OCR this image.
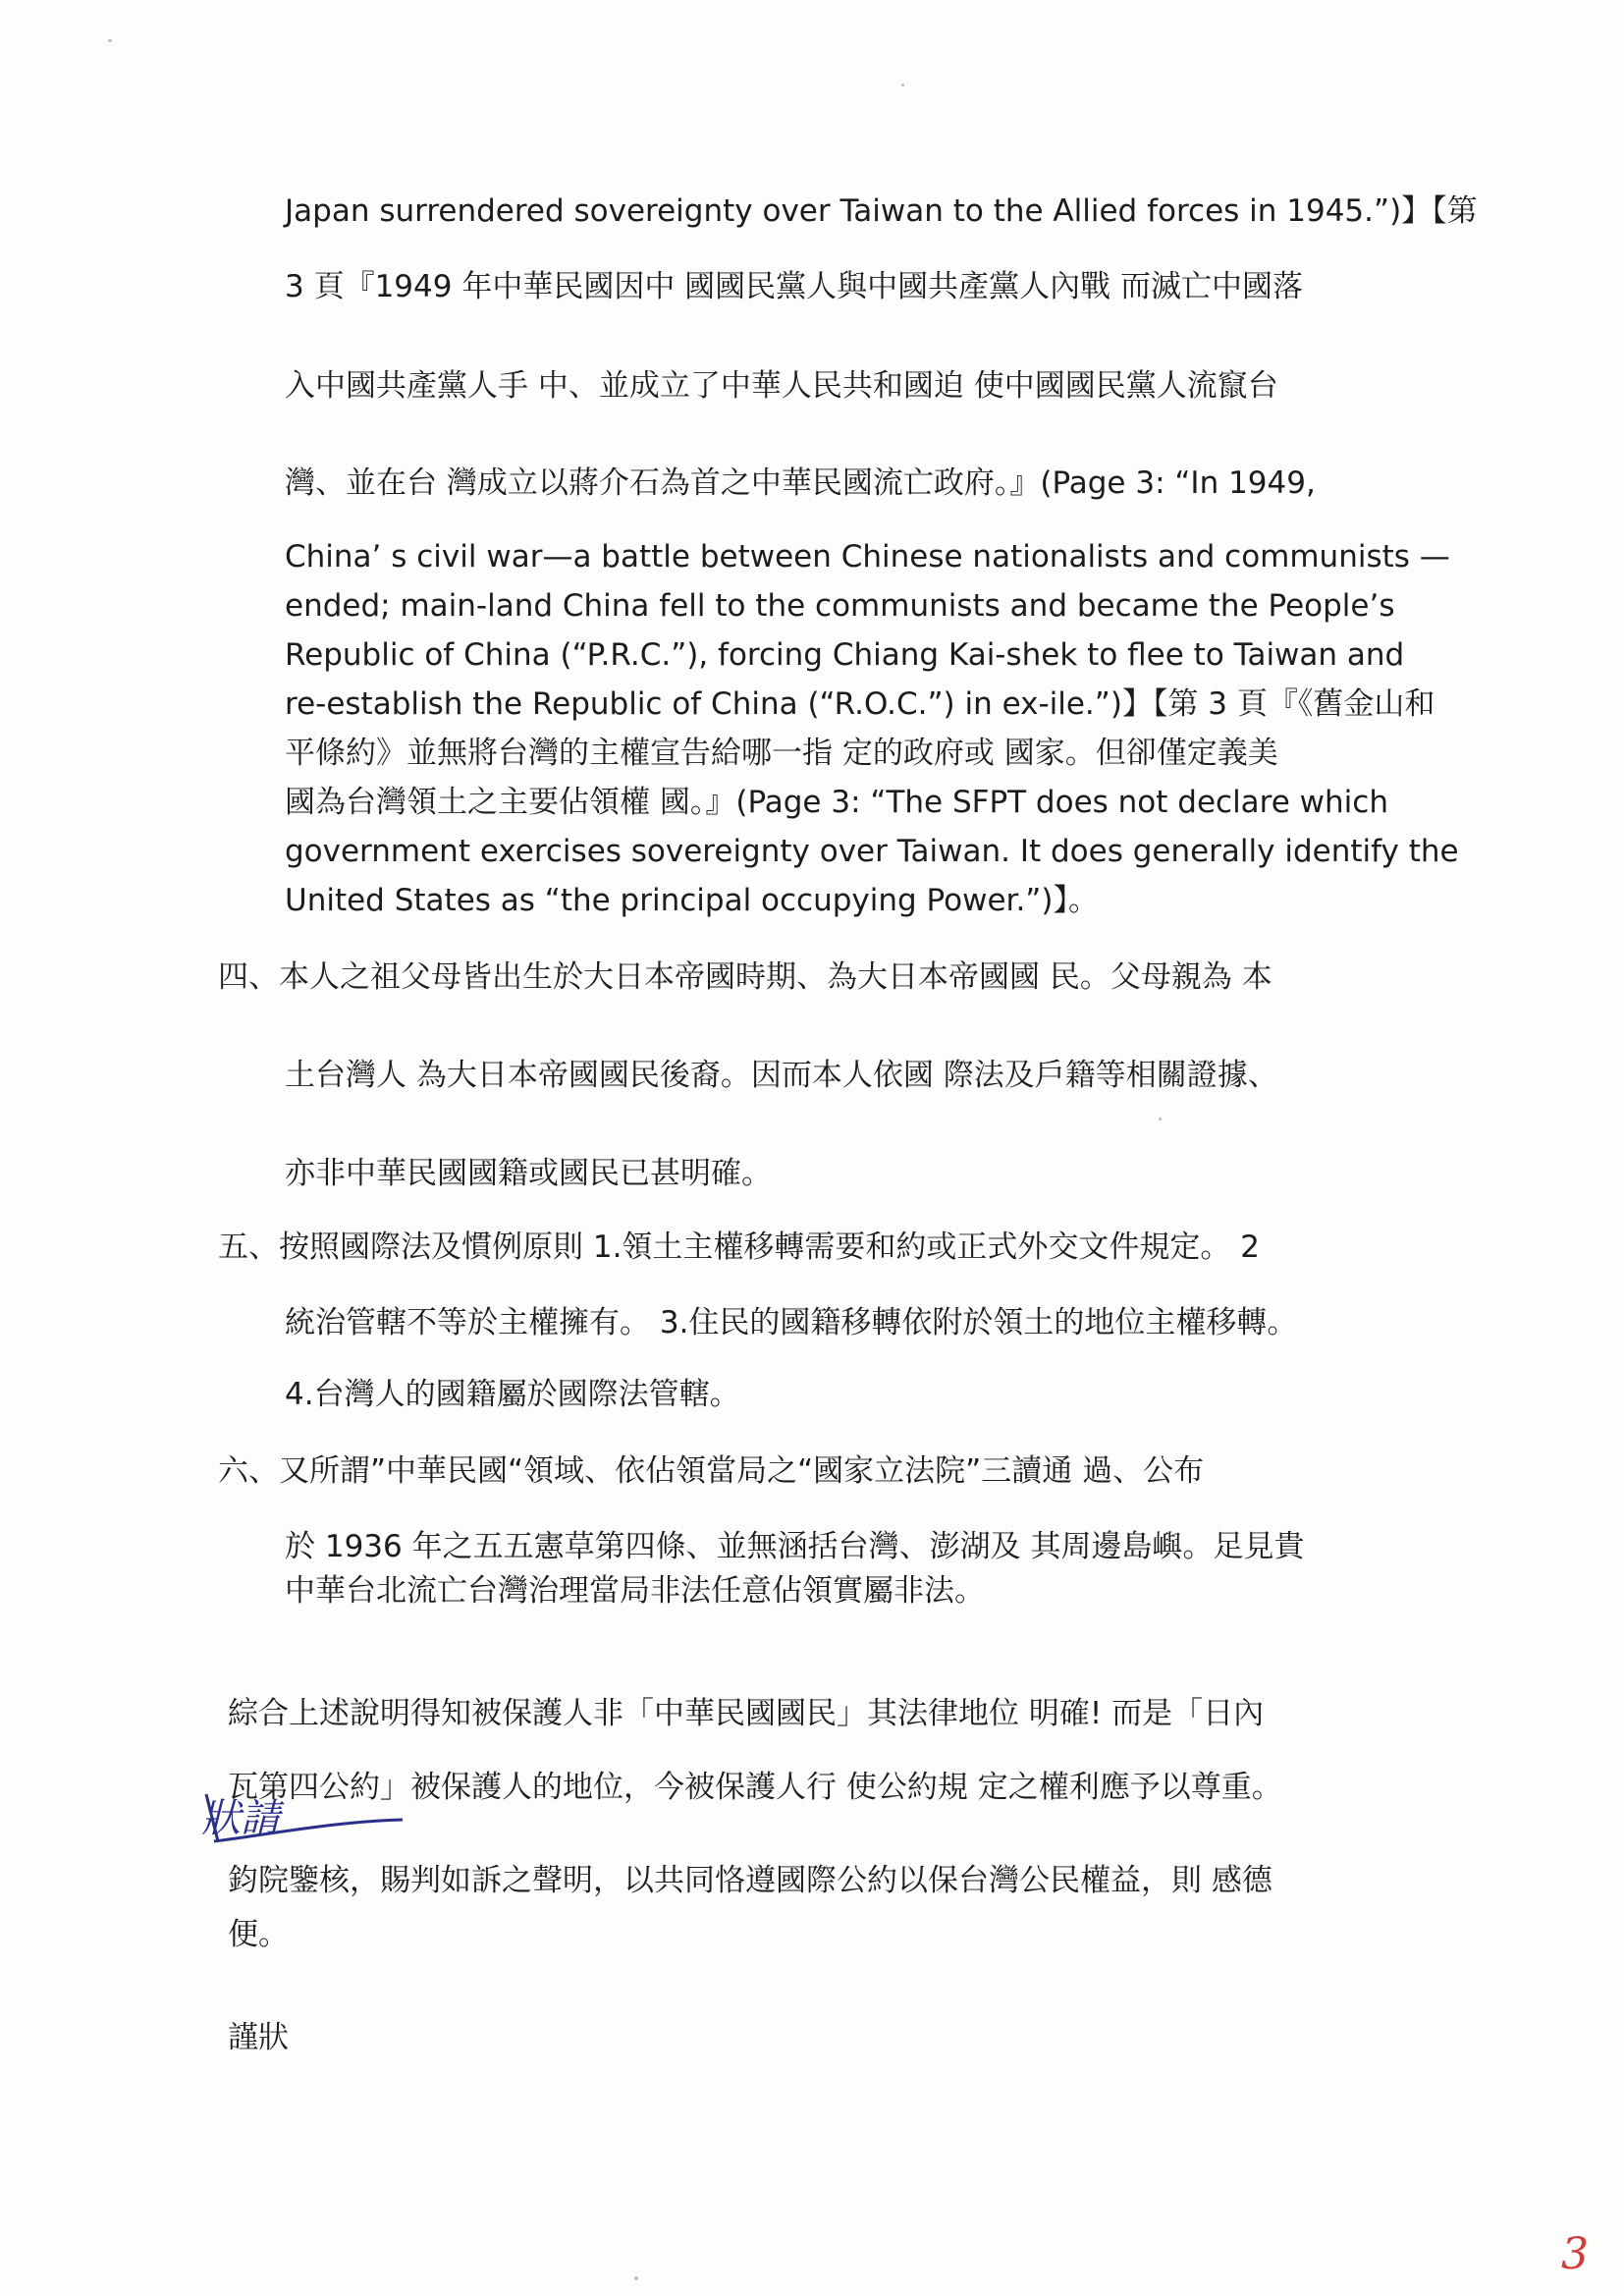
Japan surrendered sovereignty over Taiwan to the Allied forces in 1945.”)】【第
3 頁『1949 年中華民國因中 國國民黨人與中國共產黨人內戰 而滅亡中國落
入中國共產黨人手 中、並成立了中華人民共和國迫 使中國國民黨人流竄台
灣、並在台 灣成立以蔣介石為首之中華民國流亡政府。』(Page 3: “In 1949,
China’ s civil war—a battle between Chinese nationalists and communists —
ended; main-land China fell to the communists and became the People’s
Republic of China (“P.R.C.”), forcing Chiang Kai-shek to flee to Taiwan and
re-establish the Republic of China (“R.O.C.”) in ex-ile.”)】【第 3 頁『《舊金山和
平條約》並無將台灣的主權宣告給哪一指 定的政府或 國家。但卻僅定義美
國為台灣領土之主要佔領權 國。』(Page 3: “The SFPT does not declare which
government exercises sovereignty over Taiwan. It does generally identify the
United States as “the principal occupying Power.”)】。
四、本人之祖父母皆出生於大日本帝國時期、為大日本帝國國 民。父母親為 本
土台灣人 為大日本帝國國民後裔。因而本人依國 際法及戶籍等相關證據、
亦非中華民國國籍或國民已甚明確。
五、按照國際法及慣例原則 1.領土主權移轉需要和約或正式外交文件規定。 2
統治管轄不等於主權擁有。 3.住民的國籍移轉依附於領土的地位主權移轉。
4.台灣人的國籍屬於國際法管轄。
六、又所謂”中華民國“領域、依佔領當局之“國家立法院”三讀通 過、公布
於 1936 年之五五憲草第四條、並無涵括台灣、澎湖及 其周邊島嶼。足見貴
中華台北流亡台灣治理當局非法任意佔領實屬非法。
綜合上述說明得知被保護人非「中華民國國民」其法律地位 明確! 而是「日內
瓦第四公約」被保護人的地位，今被保護人行 使公約規 定之權利應予以尊重。
鈞院鑒核，賜判如訴之聲明，以共同恪遵國際公約以保台灣公民權益，則 感德
便。
謹狀
狀請
3
